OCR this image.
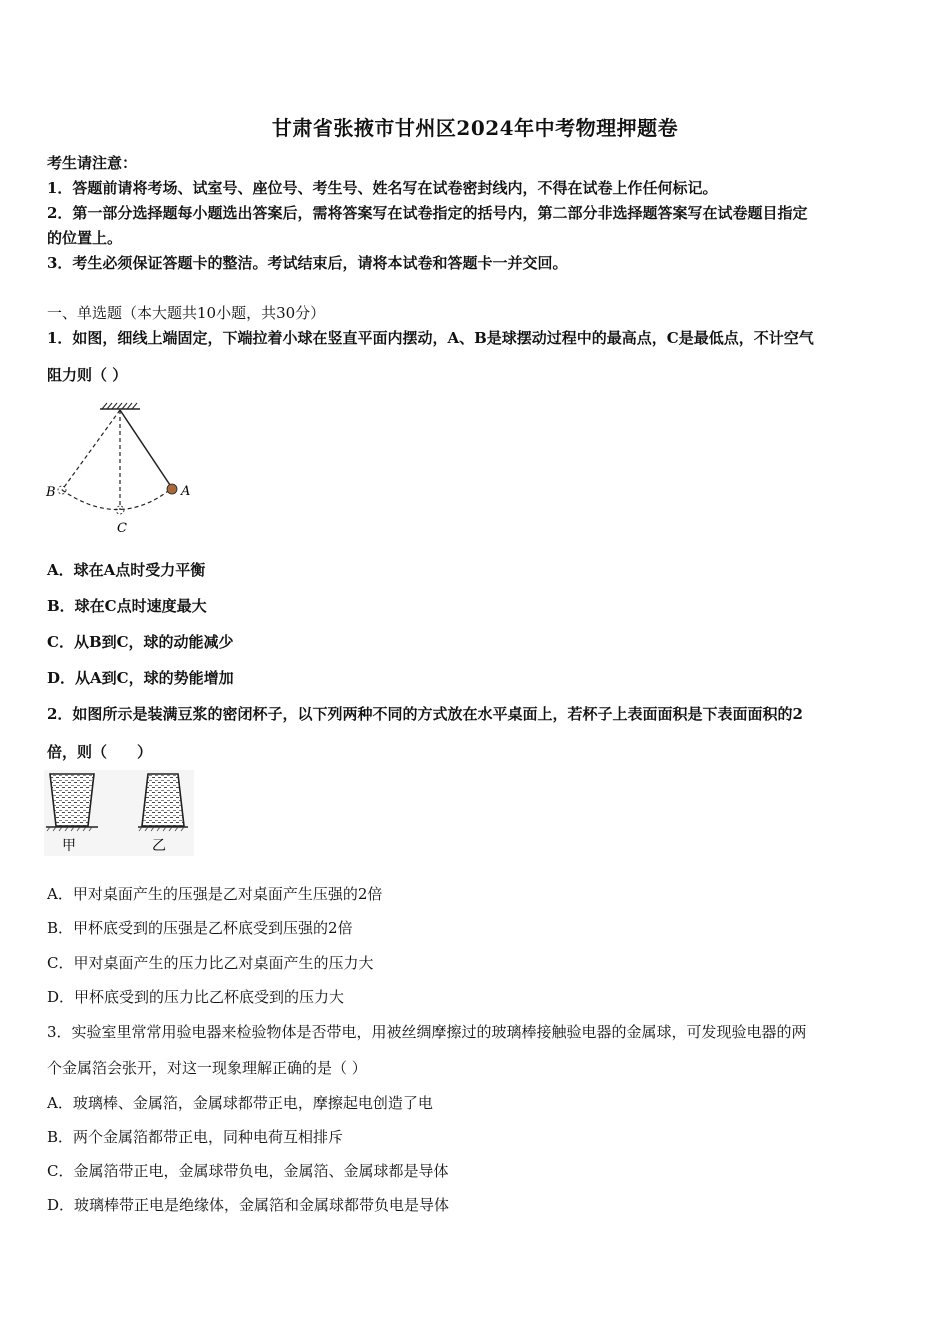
甘肃省张掖市甘州区2024年中考物理押题卷
考生请注意：
1．答题前请将考场、试室号、座位号、考生号、姓名写在试卷密封线内，不得在试卷上作任何标记。
2．第一部分选择题每小题选出答案后，需将答案写在试卷指定的括号内，第二部分非选择题答案写在试卷题目指定
的位置上。
3．考生必须保证答题卡的整洁。考试结束后，请将本试卷和答题卡一并交回。
一、单选题（本大题共10小题，共30分）
1．如图，细线上端固定，下端拉着小球在竖直平面内摆动，A、B是球摆动过程中的最高点，C是最低点，不计空气
阻力则（ ）
A
B
C
A．球在A点时受力平衡
B．球在C点时速度最大
C．从B到C，球的动能减少
D．从A到C，球的势能增加
2．如图所示是装满豆浆的密闭杯子，以下列两种不同的方式放在水平桌面上，若杯子上表面面积是下表面面积的2
倍，则（　　）
甲	乙
A．甲对桌面产生的压强是乙对桌面产生压强的2倍
B．甲杯底受到的压强是乙杯底受到压强的2倍
C．甲对桌面产生的压力比乙对桌面产生的压力大
D．甲杯底受到的压力比乙杯底受到的压力大
3．实验室里常常用验电器来检验物体是否带电，用被丝绸摩擦过的玻璃棒接触验电器的金属球，可发现验电器的两
个金属箔会张开，对这一现象理解正确的是（ ）
A．玻璃棒、金属箔，金属球都带正电，摩擦起电创造了电
B．两个金属箔都带正电，同种电荷互相排斥
C．金属箔带正电，金属球带负电，金属箔、金属球都是导体
D．玻璃棒带正电是绝缘体，金属箔和金属球都带负电是导体
